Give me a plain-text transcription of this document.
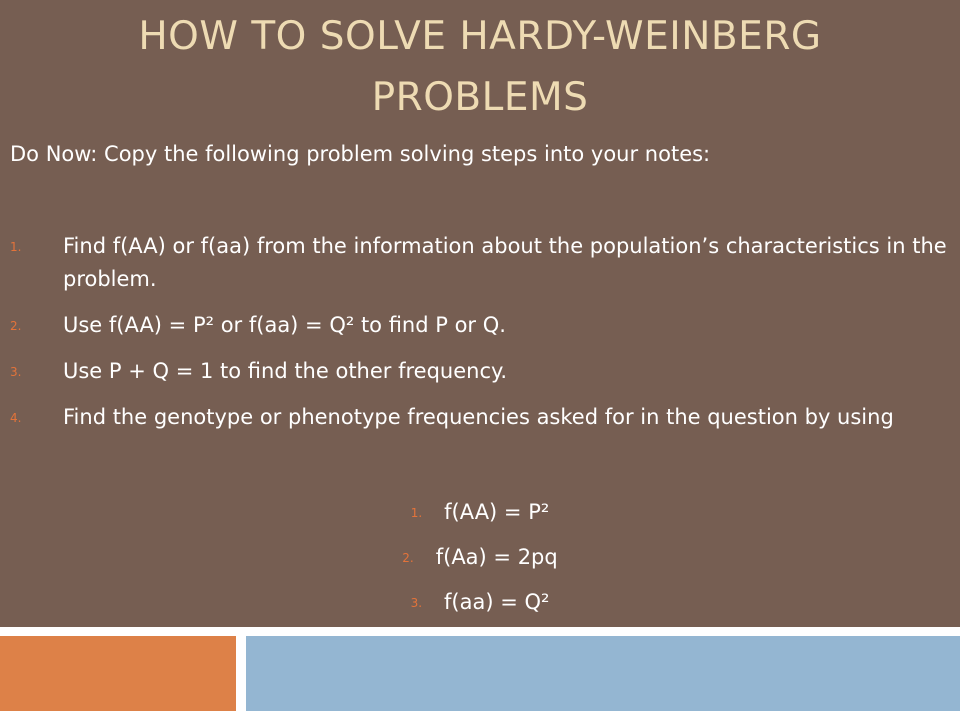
HOW TO SOLVE HARDY-WEINBERG
PROBLEMS

Do Now: Copy the following problem solving steps into your notes:

1. Find f(AA) or f(aa) from the information about the population’s characteristics in the problem.
2. Use f(AA) = P² or f(aa) = Q² to find P or Q.
3. Use P + Q = 1 to find the other frequency.
4. Find the genotype or phenotype frequencies asked for in the question by using
1. f(AA) = P²
2. f(Aa) = 2pq
3. f(aa) = Q²
